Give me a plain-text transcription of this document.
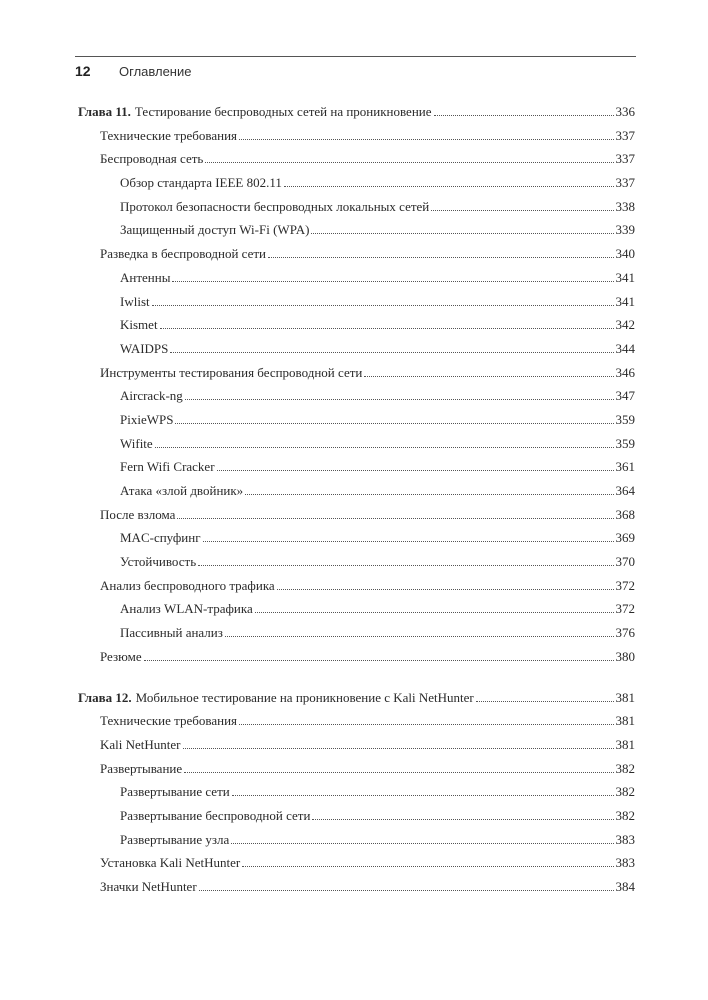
12	Оглавление
Глава 11. Тестирование беспроводных сетей на проникновение	336
Технические требования	337
Беспроводная сеть	337
Обзор стандарта IEEE 802.11	337
Протокол безопасности беспроводных локальных сетей	338
Защищенный доступ Wi-Fi (WPA)	339
Разведка в беспроводной сети	340
Антенны	341
Iwlist	341
Kismet	342
WAIDPS	344
Инструменты тестирования беспроводной сети	346
Aircrack-ng	347
PixieWPS	359
Wifite	359
Fern Wifi Cracker	361
Атака «злой двойник»	364
После взлома	368
MAC-спуфинг	369
Устойчивость	370
Анализ беспроводного трафика	372
Анализ WLAN-трафика	372
Пассивный анализ	376
Резюме	380
Глава 12. Мобильное тестирование на проникновение с Kali NetHunter	381
Технические требования	381
Kali NetHunter	381
Развертывание	382
Развертывание сети	382
Развертывание беспроводной сети	382
Развертывание узла	383
Установка Kali NetHunter	383
Значки NetHunter	384
